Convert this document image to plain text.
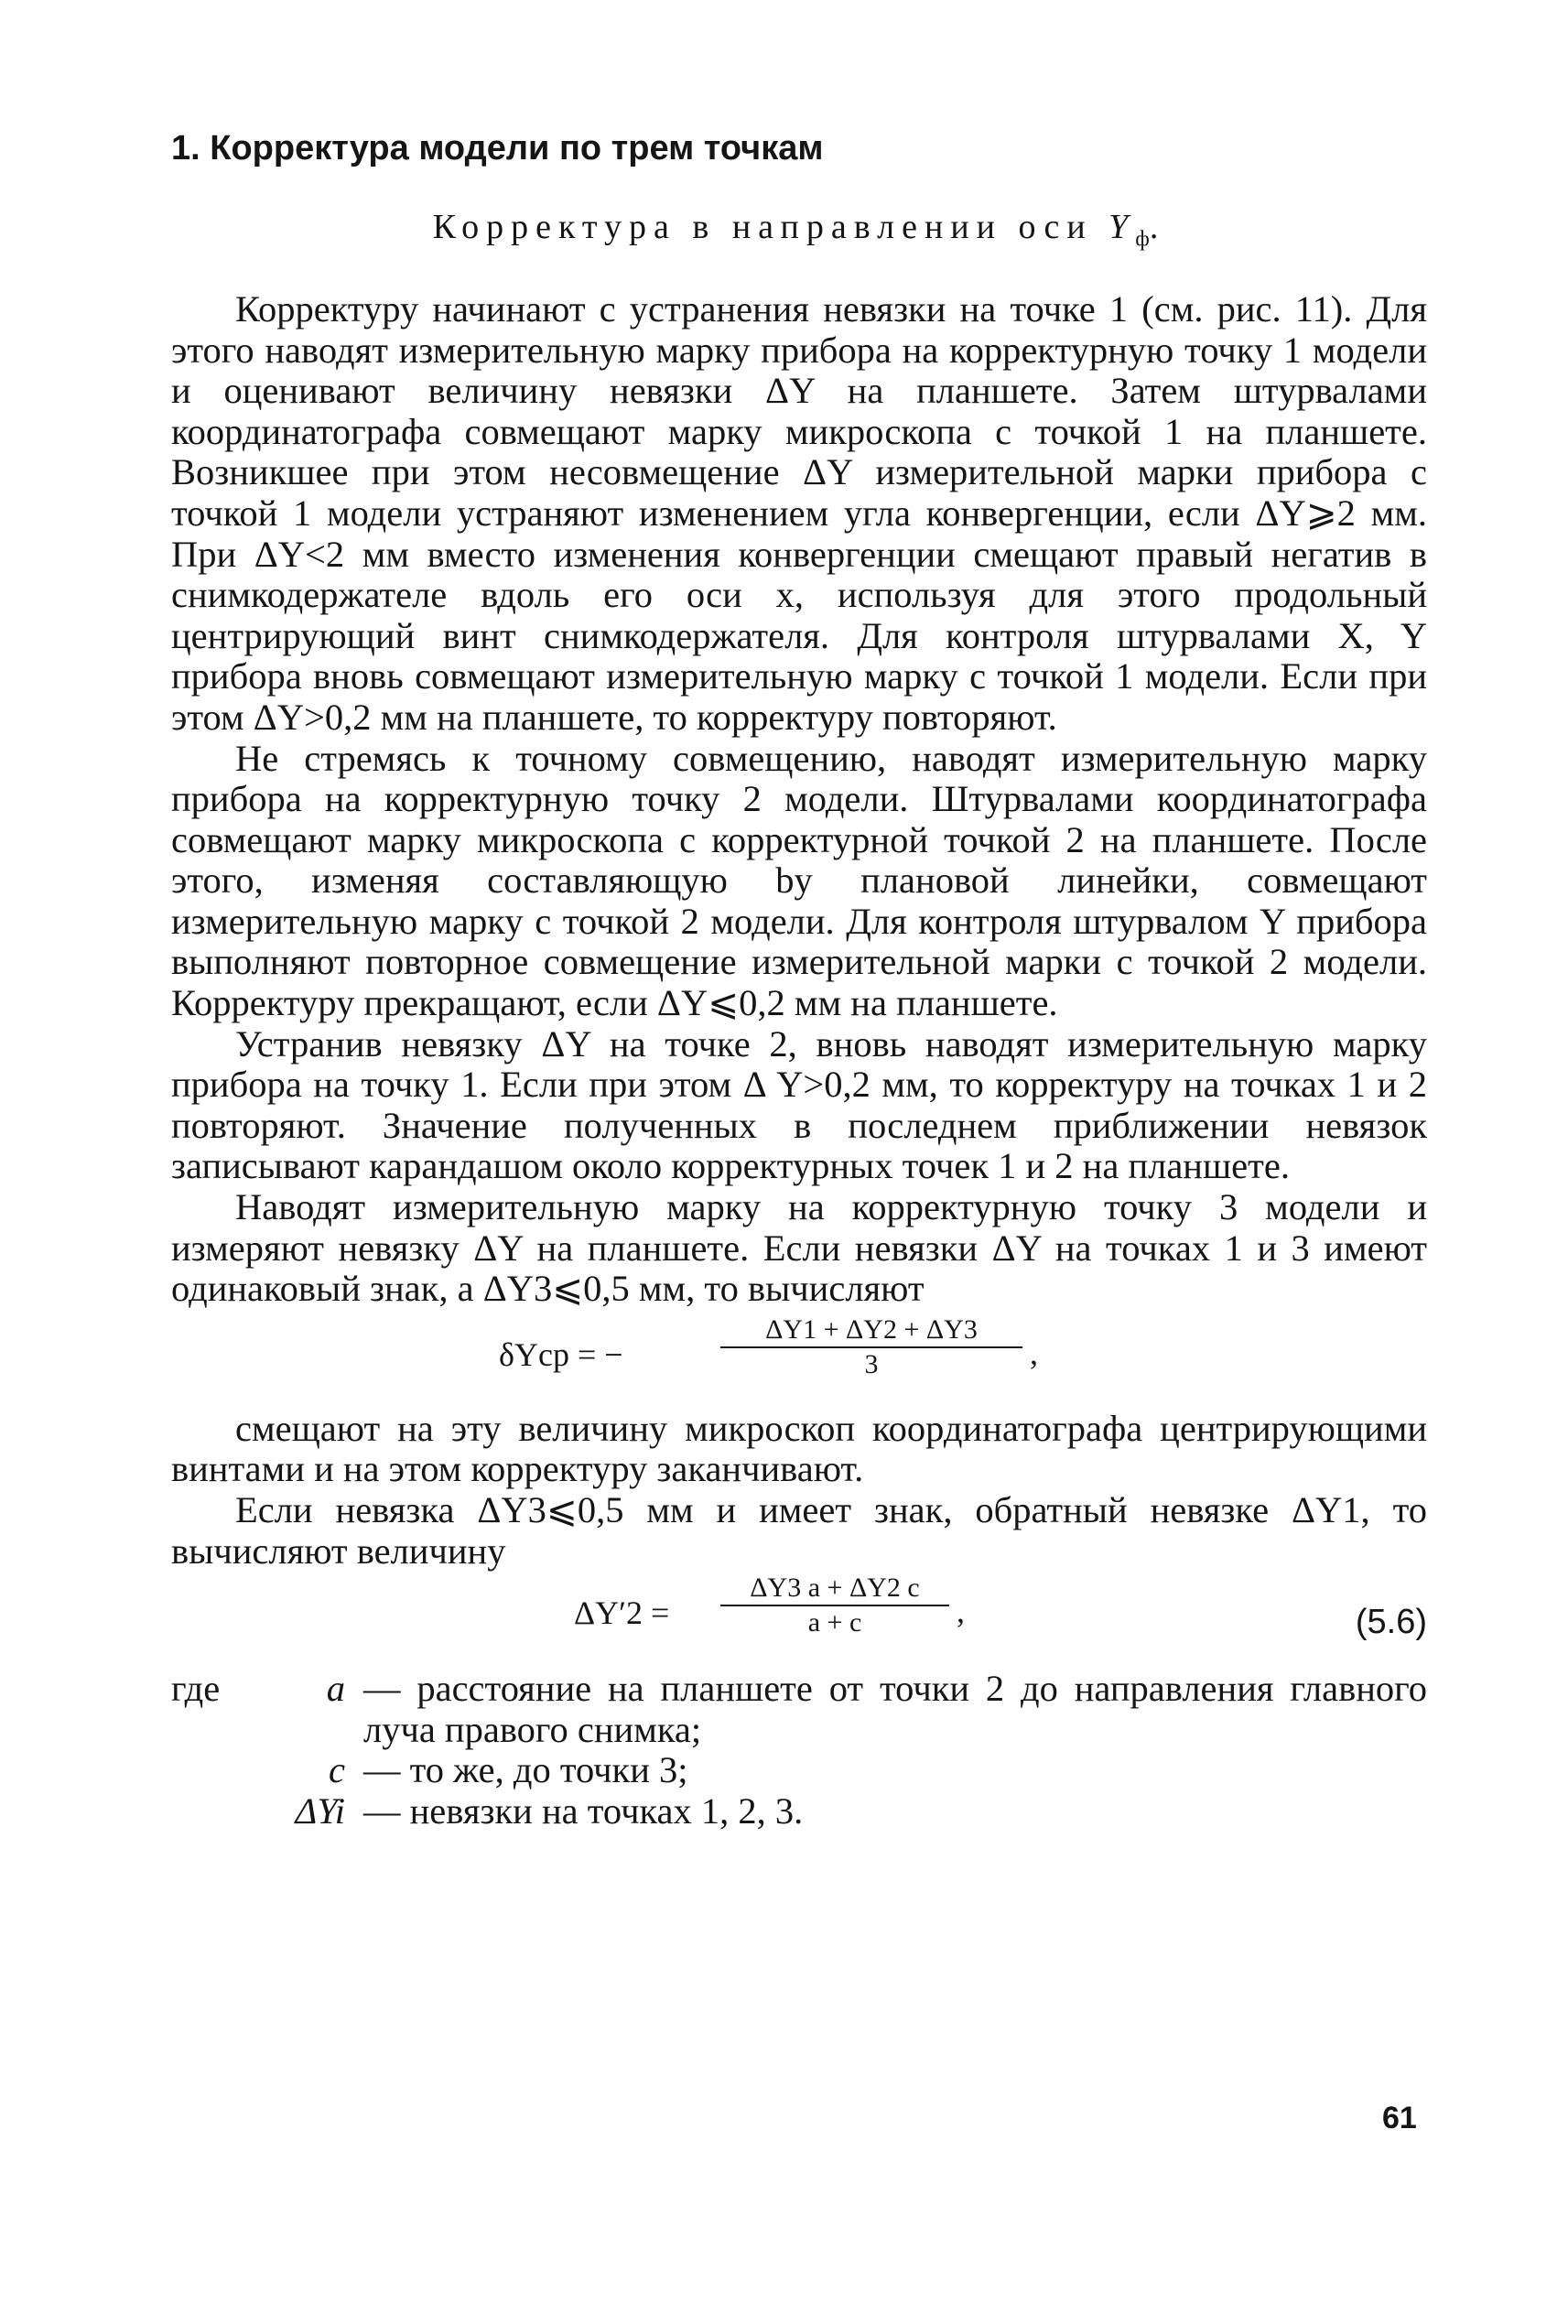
1. Корректура модели по трем точкам
Корректура в направлении оси $Y_ф$.

Корректуру начинают с устранения невязки на точке 1 (см. рис. 11). Для этого наводят измерительную марку прибора на корректурную точку 1 модели и оценивают величину невязки ΔY на планшете. Затем штурвалами координатографа совмещают марку микроскопа с точкой 1 на планшете. Возникшее при этом несовмещение ΔY измерительной марки прибора с точкой 1 модели устраняют изменением угла конвергенции, если ΔY⩾2 мм. При ΔY<2 мм вместо изменения конвергенции смещают правый негатив в снимкодержателе вдоль его оси x, используя для этого продольный центрирующий винт снимкодержателя. Для контроля штурвалами X, Y прибора вновь совмещают измерительную марку с точкой 1 модели. Если при этом ΔY>0,2 мм на планшете, то корректуру повторяют.

Не стремясь к точному совмещению, наводят измерительную марку прибора на корректурную точку 2 модели. Штурвалами координатографа совмещают марку микроскопа с корректурной точкой 2 на планшете. После этого, изменяя составляющую by плановой линейки, совмещают измерительную марку с точкой 2 модели. Для контроля штурвалом Y прибора выполняют повторное совмещение измерительной марки с точкой 2 модели. Корректуру прекращают, если ΔY⩽0,2 мм на планшете.

Устранив невязку ΔY на точке 2, вновь наводят измерительную марку прибора на точку 1. Если при этом Δ Y>0,2 мм, то корректуру на точках 1 и 2 повторяют. Значение полученных в последнем приближении невязок записывают карандашом около корректурных точек 1 и 2 на планшете.

Наводят измерительную марку на корректурную точку 3 модели и измеряют невязку ΔY на планшете. Если невязки ΔY на точках 1 и 3 имеют одинаковый знак, а ΔY3⩽0,5 мм, то вычисляют

δYср = −
ΔY1 + ΔY2 + ΔY3
3	,

смещают на эту величину микроскоп координатографа центрирующими винтами и на этом корректуру заканчивают.

Если невязка ΔY3⩽0,5 мм и имеет знак, обратный невязке ΔY1, то вычисляют величину

ΔY′2 =
ΔY3 a + ΔY2 c
a + c	,	(5.6)
где	a — расстояние на планшете от точки 2 до направления главного луча правого снимка;
c — то же, до точки 3;
ΔYi — невязки на точках 1, 2, 3.
61
